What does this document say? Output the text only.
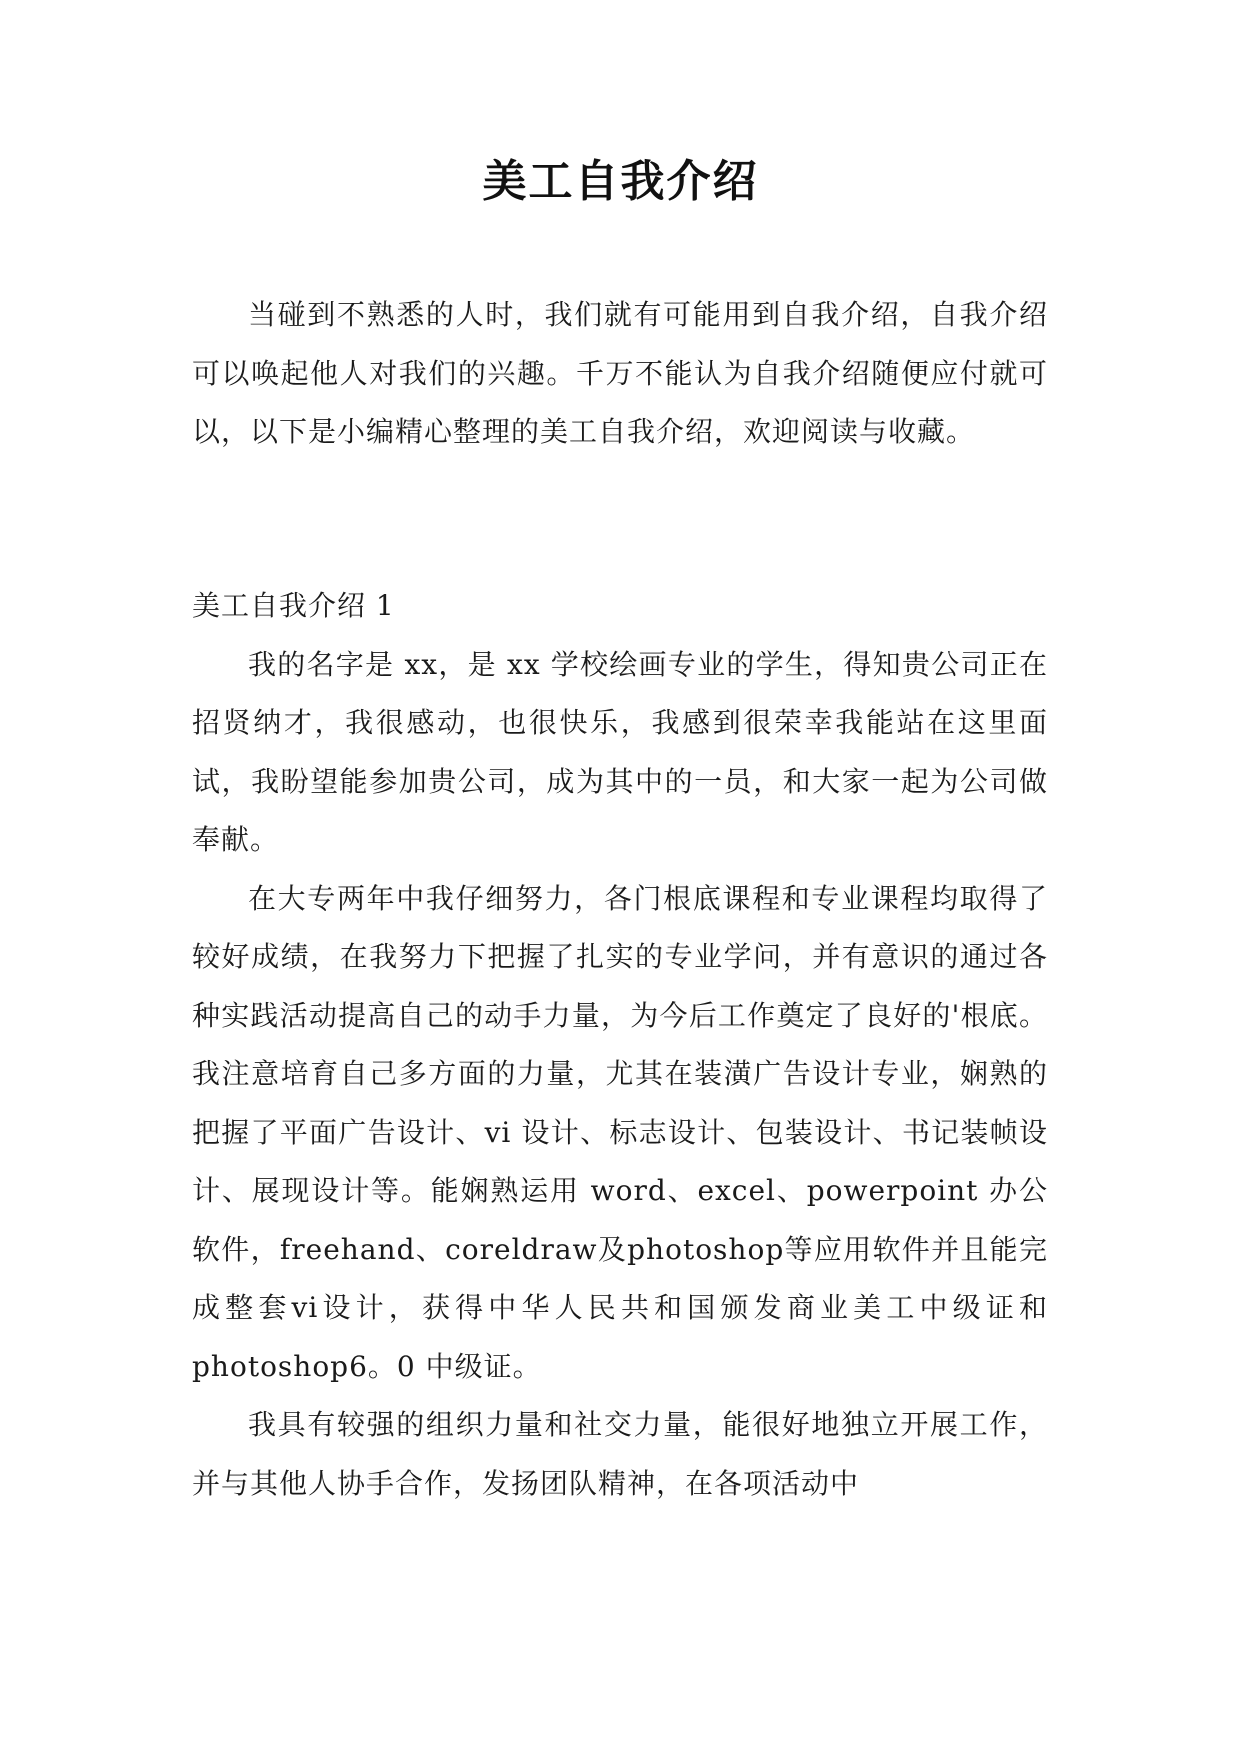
美工自我介绍

当碰到不熟悉的人时，我们就有可能用到自我介绍，自我介绍可以唤起他人对我们的兴趣。千万不能认为自我介绍随便应付就可以，以下是小编精心整理的美工自我介绍，欢迎阅读与收藏。

美工自我介绍 1

我的名字是 xx，是 xx 学校绘画专业的学生，得知贵公司正在招贤纳才，我很感动，也很快乐，我感到很荣幸我能站在这里面试，我盼望能参加贵公司，成为其中的一员，和大家一起为公司做奉献。

在大专两年中我仔细努力，各门根底课程和专业课程均取得了较好成绩，在我努力下把握了扎实的专业学问，并有意识的通过各种实践活动提高自己的动手力量，为今后工作奠定了良好的'根底。我注意培育自己多方面的力量，尤其在装潢广告设计专业，娴熟的把握了平面广告设计、vi 设计、标志设计、包装设计、书记装帧设计、展现设计等。能娴熟运用 word、excel、powerpoint 办公软件，freehand、coreldraw及photoshop等应用软件并且能完成整套vi设计，获得中华人民共和国颁发商业美工中级证和photoshop6。0 中级证。

我具有较强的组织力量和社交力量，能很好地独立开展工作，并与其他人协手合作，发扬团队精神，在各项活动中
